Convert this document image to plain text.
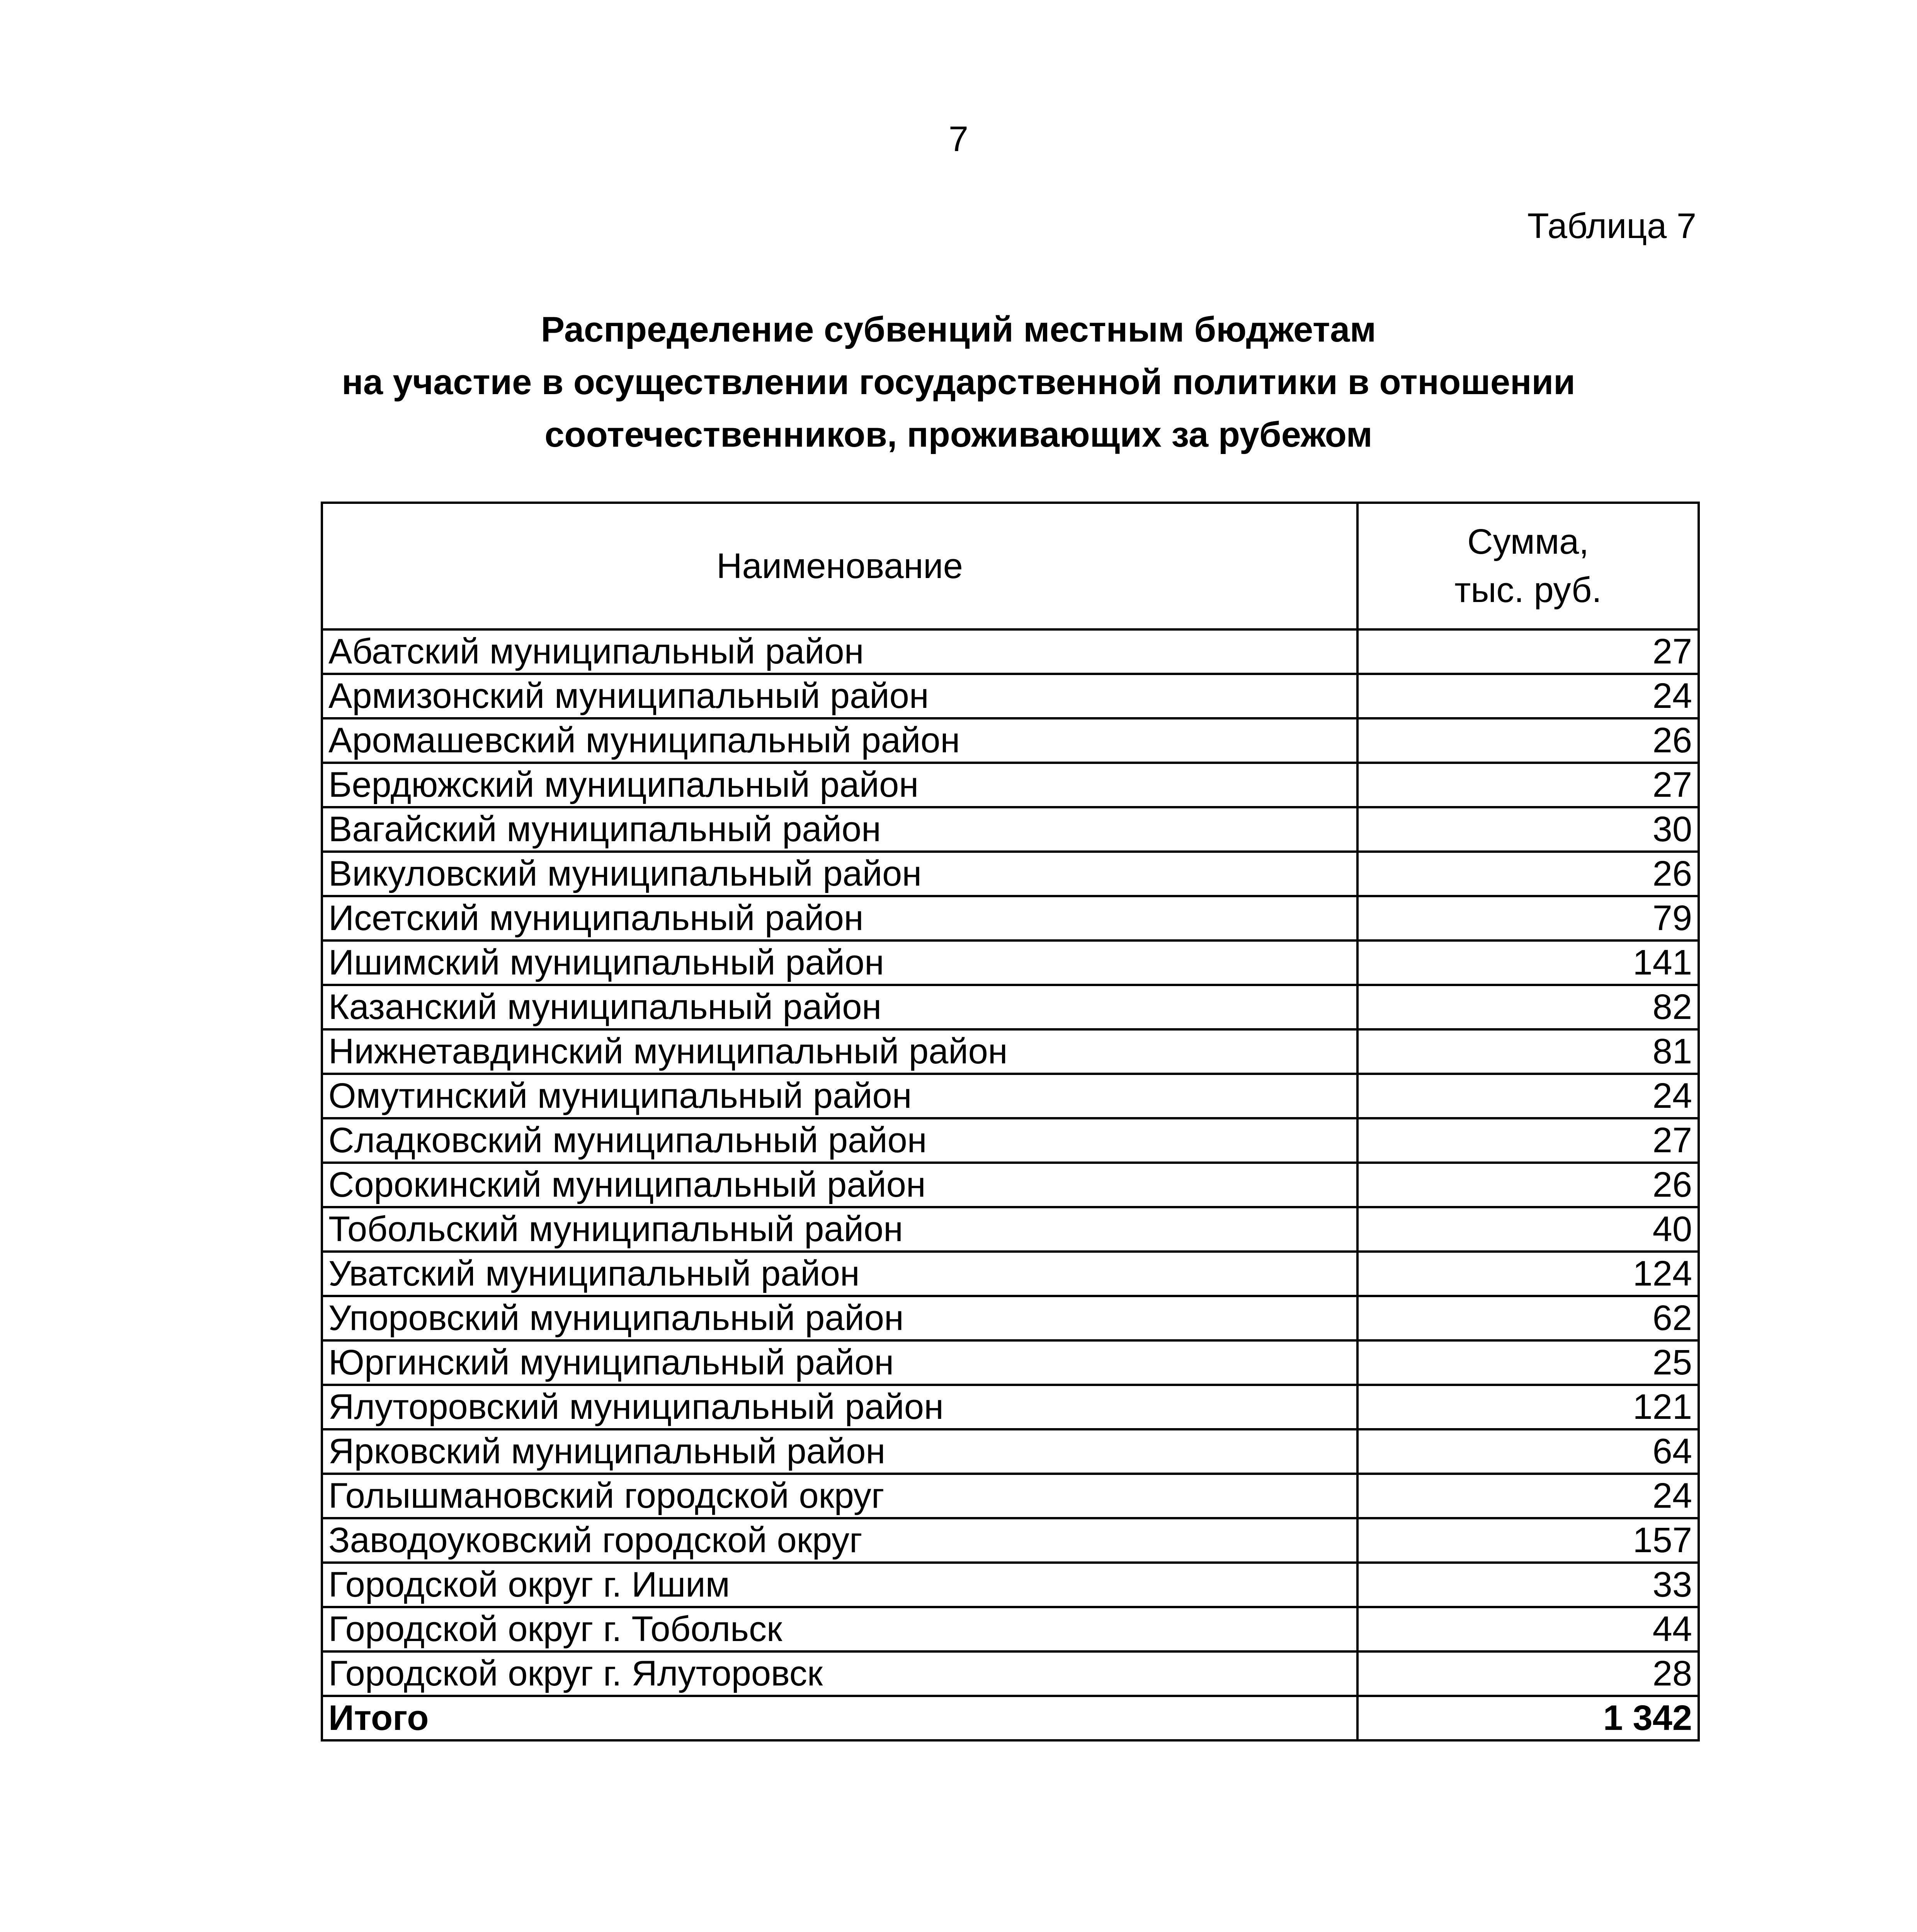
7
Таблица 7
Распределение субвенций местным бюджетам
на участие в осуществлении государственной политики в отношении
соотечественников, проживающих за рубежом
Наименование	Сумма,
тыс. руб.
Абатский муниципальный район	27
Армизонский муниципальный район	24
Аромашевский муниципальный район	26
Бердюжский муниципальный район	27
Вагайский муниципальный район	30
Викуловский муниципальный район	26
Исетский муниципальный район	79
Ишимский муниципальный район	141
Казанский муниципальный район	82
Нижнетавдинский муниципальный район	81
Омутинский муниципальный район	24
Сладковский муниципальный район	27
Сорокинский муниципальный район	26
Тобольский муниципальный район	40
Уватский муниципальный район	124
Упоровский муниципальный район	62
Юргинский муниципальный район	25
Ялуторовский муниципальный район	121
Ярковский муниципальный район	64
Голышмановский городской округ	24
Заводоуковский городской округ	157
Городской округ г. Ишим	33
Городской округ г. Тобольск	44
Городской округ г. Ялуторовск	28
Итого	1 342
